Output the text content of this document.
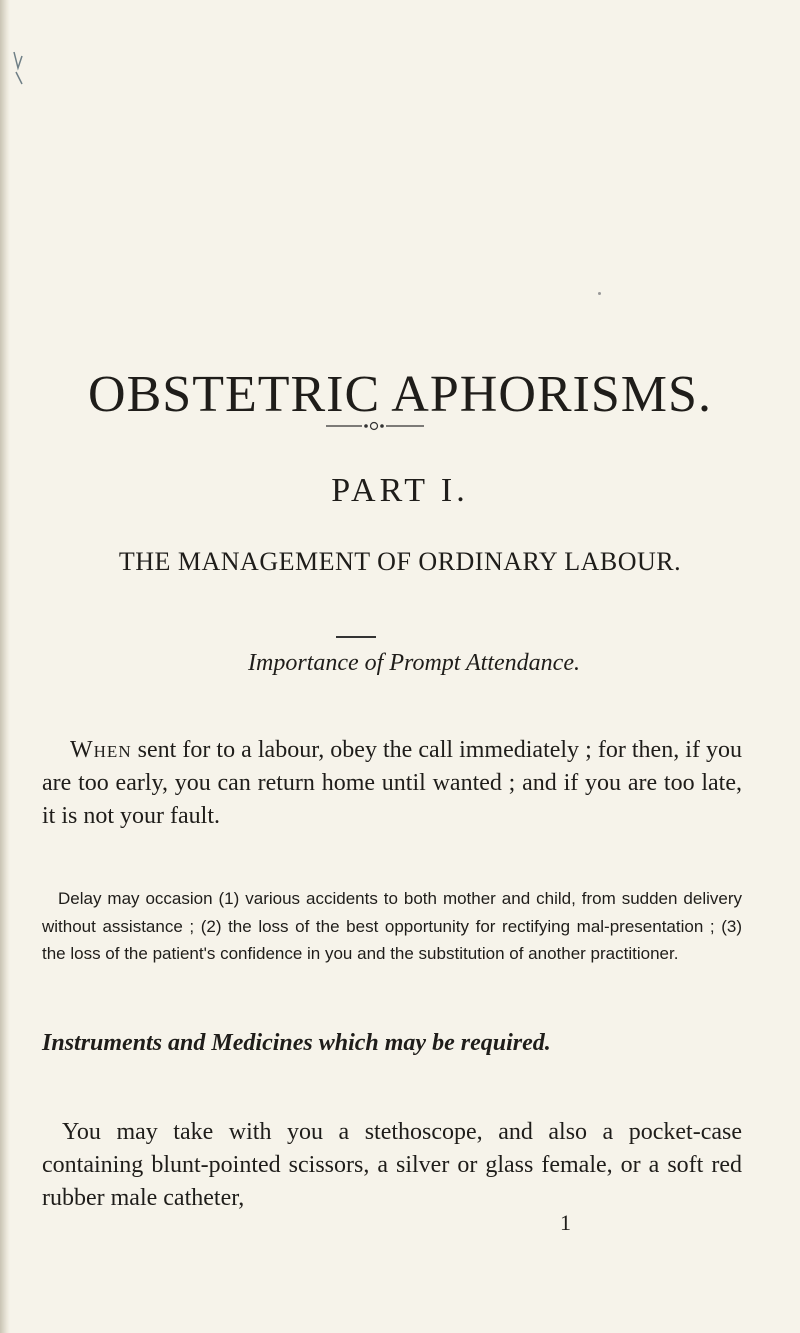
OBSTETRIC APHORISMS.
PART I.
THE MANAGEMENT OF ORDINARY LABOUR.
Importance of Prompt Attendance.

When sent for to a labour, obey the call immediately ; for then, if you are too early, you can return home until wanted ; and if you are too late, it is not your fault.

Delay may occasion (1) various accidents to both mother and child, from sudden delivery without assistance ; (2) the loss of the best opportunity for rectifying mal-presentation ; (3) the loss of the patient's confidence in you and the substitution of another practitioner.

Instruments and Medicines which may be required.

You may take with you a stethoscope, and also a pocket-case containing blunt-pointed scissors, a silver or glass female, or a soft red rubber male catheter,

1
